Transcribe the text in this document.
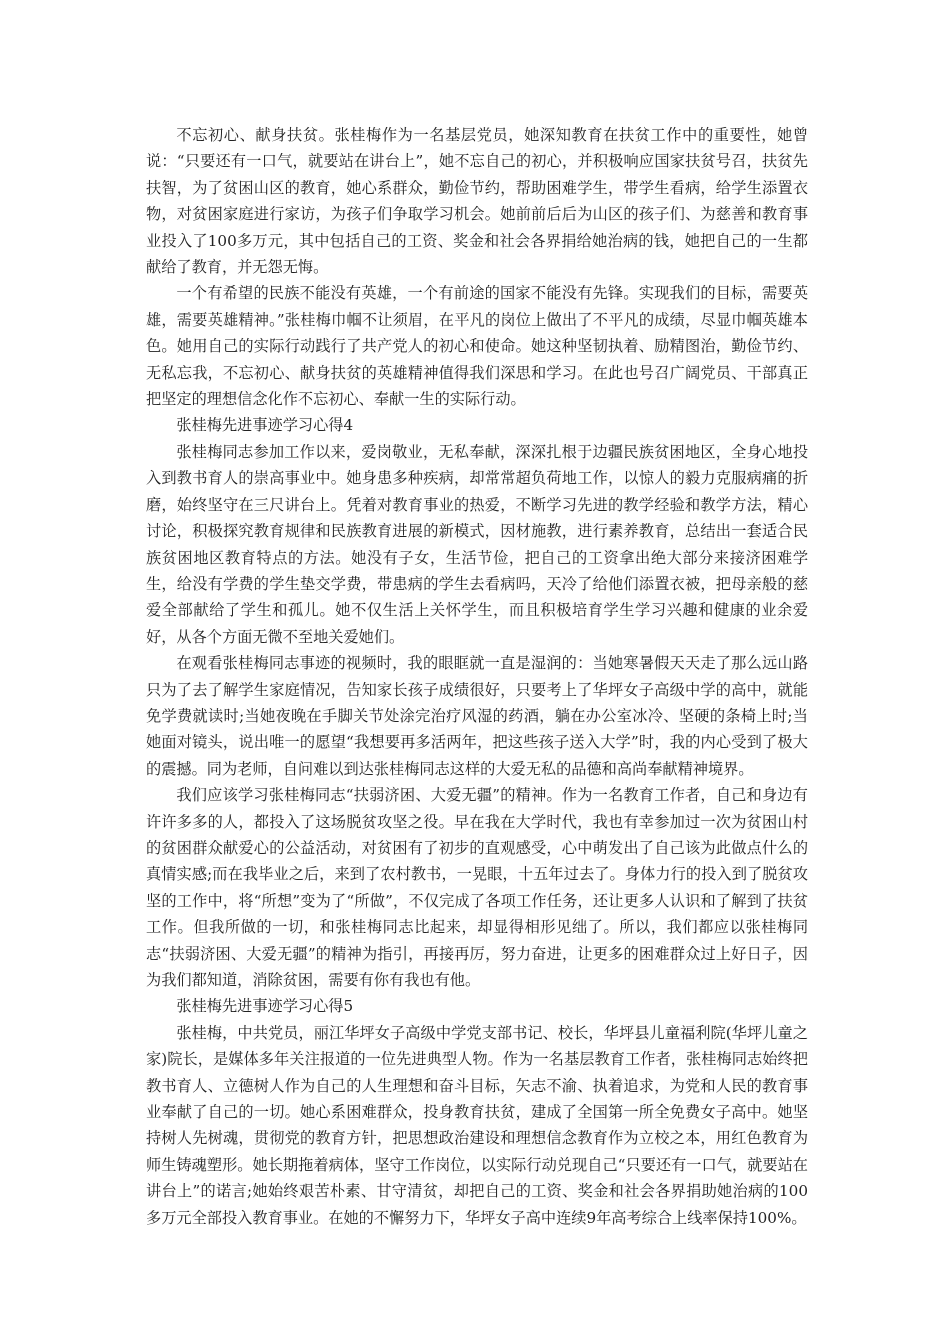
不忘初心、献身扶贫。张桂梅作为一名基层党员，她深知教育在扶贫工作中的重要性，她曾说：“只要还有一口气，就要站在讲台上”，她不忘自己的初心，并积极响应国家扶贫号召，扶贫先扶智，为了贫困山区的教育，她心系群众，勤俭节约，帮助困难学生，带学生看病，给学生添置衣物，对贫困家庭进行家访，为孩子们争取学习机会。她前前后后为山区的孩子们、为慈善和教育事业投入了100多万元，其中包括自己的工资、奖金和社会各界捐给她治病的钱，她把自己的一生都献给了教育，并无怨无悔。

一个有希望的民族不能没有英雄，一个有前途的国家不能没有先锋。实现我们的目标，需要英雄，需要英雄精神。”张桂梅巾帼不让须眉，在平凡的岗位上做出了不平凡的成绩，尽显巾帼英雄本色。她用自己的实际行动践行了共产党人的初心和使命。她这种坚韧执着、励精图治，勤俭节约、无私忘我，不忘初心、献身扶贫的英雄精神值得我们深思和学习。在此也号召广阔党员、干部真正把坚定的理想信念化作不忘初心、奉献一生的实际行动。

张桂梅先进事迹学习心得4

张桂梅同志参加工作以来，爱岗敬业，无私奉献，深深扎根于边疆民族贫困地区，全身心地投入到教书育人的崇高事业中。她身患多种疾病，却常常超负荷地工作，以惊人的毅力克服病痛的折磨，始终坚守在三尺讲台上。凭着对教育事业的热爱，不断学习先进的教学经验和教学方法，精心讨论，积极探究教育规律和民族教育进展的新模式，因材施教，进行素养教育，总结出一套适合民族贫困地区教育特点的方法。她没有子女，生活节俭，把自己的工资拿出绝大部分来接济困难学生，给没有学费的学生垫交学费，带患病的学生去看病吗，天冷了给他们添置衣被，把母亲般的慈爱全部献给了学生和孤儿。她不仅生活上关怀学生，而且积极培育学生学习兴趣和健康的业余爱好，从各个方面无微不至地关爱她们。

在观看张桂梅同志事迹的视频时，我的眼眶就一直是湿润的：当她寒暑假天天走了那么远山路只为了去了解学生家庭情况，告知家长孩子成绩很好，只要考上了华坪女子高级中学的高中，就能免学费就读时;当她夜晚在手脚关节处涂完治疗风湿的药酒，躺在办公室冰冷、坚硬的条椅上时;当她面对镜头，说出唯一的愿望“我想要再多活两年，把这些孩子送入大学”时，我的内心受到了极大的震撼。同为老师，自问难以到达张桂梅同志这样的大爱无私的品德和高尚奉献精神境界。

我们应该学习张桂梅同志“扶弱济困、大爱无疆”的精神。作为一名教育工作者，自己和身边有许许多多的人，都投入了这场脱贫攻坚之役。早在我在大学时代，我也有幸参加过一次为贫困山村的贫困群众献爱心的公益活动，对贫困有了初步的直观感受，心中萌发出了自己该为此做点什么的真情实感;而在我毕业之后，来到了农村教书，一晃眼，十五年过去了。身体力行的投入到了脱贫攻坚的工作中，将“所想”变为了“所做”，不仅完成了各项工作任务，还让更多人认识和了解到了扶贫工作。但我所做的一切，和张桂梅同志比起来，却显得相形见绌了。所以，我们都应以张桂梅同志“扶弱济困、大爱无疆”的精神为指引，再接再厉，努力奋进，让更多的困难群众过上好日子，因为我们都知道，消除贫困，需要有你有我也有他。

张桂梅先进事迹学习心得5

张桂梅，中共党员，丽江华坪女子高级中学党支部书记、校长，华坪县儿童福利院(华坪儿童之家)院长，是媒体多年关注报道的一位先进典型人物。作为一名基层教育工作者，张桂梅同志始终把教书育人、立德树人作为自己的人生理想和奋斗目标，矢志不渝、执着追求，为党和人民的教育事业奉献了自己的一切。她心系困难群众，投身教育扶贫，建成了全国第一所全免费女子高中。她坚持树人先树魂，贯彻党的教育方针，把思想政治建设和理想信念教育作为立校之本，用红色教育为师生铸魂塑形。她长期拖着病体，坚守工作岗位，以实际行动兑现自己“只要还有一口气，就要站在讲台上”的诺言;她始终艰苦朴素、甘守清贫，却把自己的工资、奖金和社会各界捐助她治病的100多万元全部投入教育事业。在她的不懈努力下，华坪女子高中连续9年高考综合上线率保持100%。
